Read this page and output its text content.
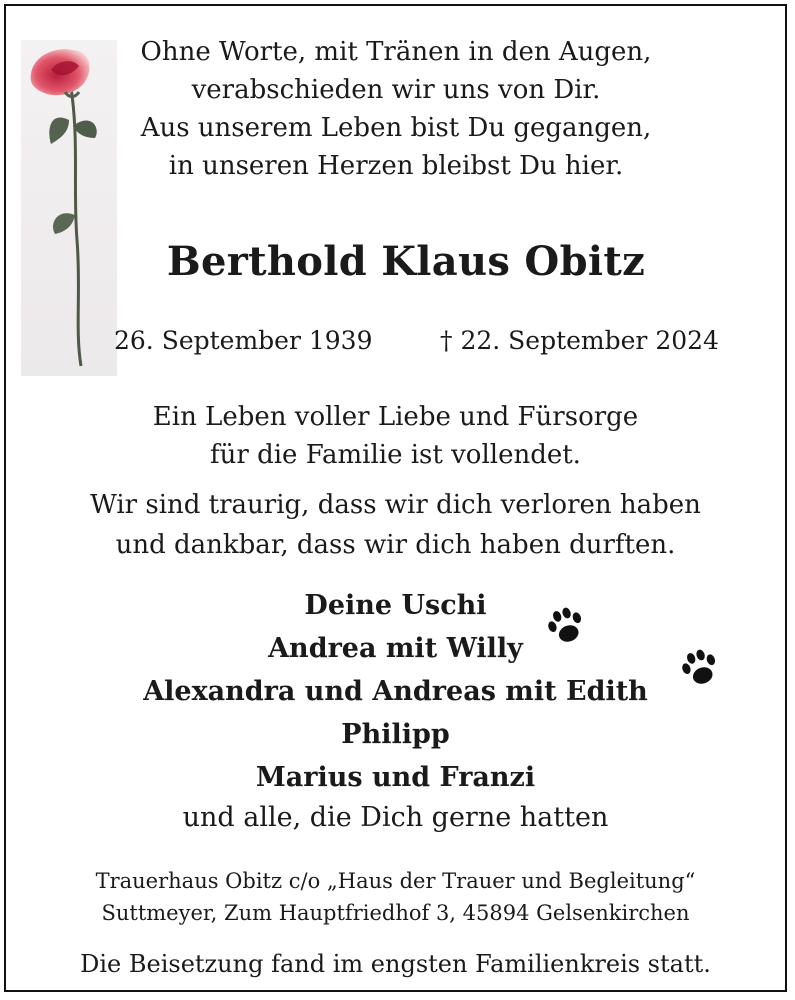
Ohne Worte, mit Tränen in den Augen,
verabschieden wir uns von Dir.
Aus unserem Leben bist Du gegangen,
in unseren Herzen bleibst Du hier.
Berthold Klaus Obitz
26. September 1939	† 22. September 2024
Ein Leben voller Liebe und Fürsorge
für die Familie ist vollendet.
Wir sind traurig, dass wir dich verloren haben
und dankbar, dass wir dich haben durften.
Deine Uschi
Andrea mit Willy
Alexandra und Andreas mit Edith
Philipp
Marius und Franzi
und alle, die Dich gerne hatten
Trauerhaus Obitz c/o „Haus der Trauer und Begleitung“
Suttmeyer, Zum Hauptfriedhof 3, 45894 Gelsenkirchen
Die Beisetzung fand im engsten Familienkreis statt.
